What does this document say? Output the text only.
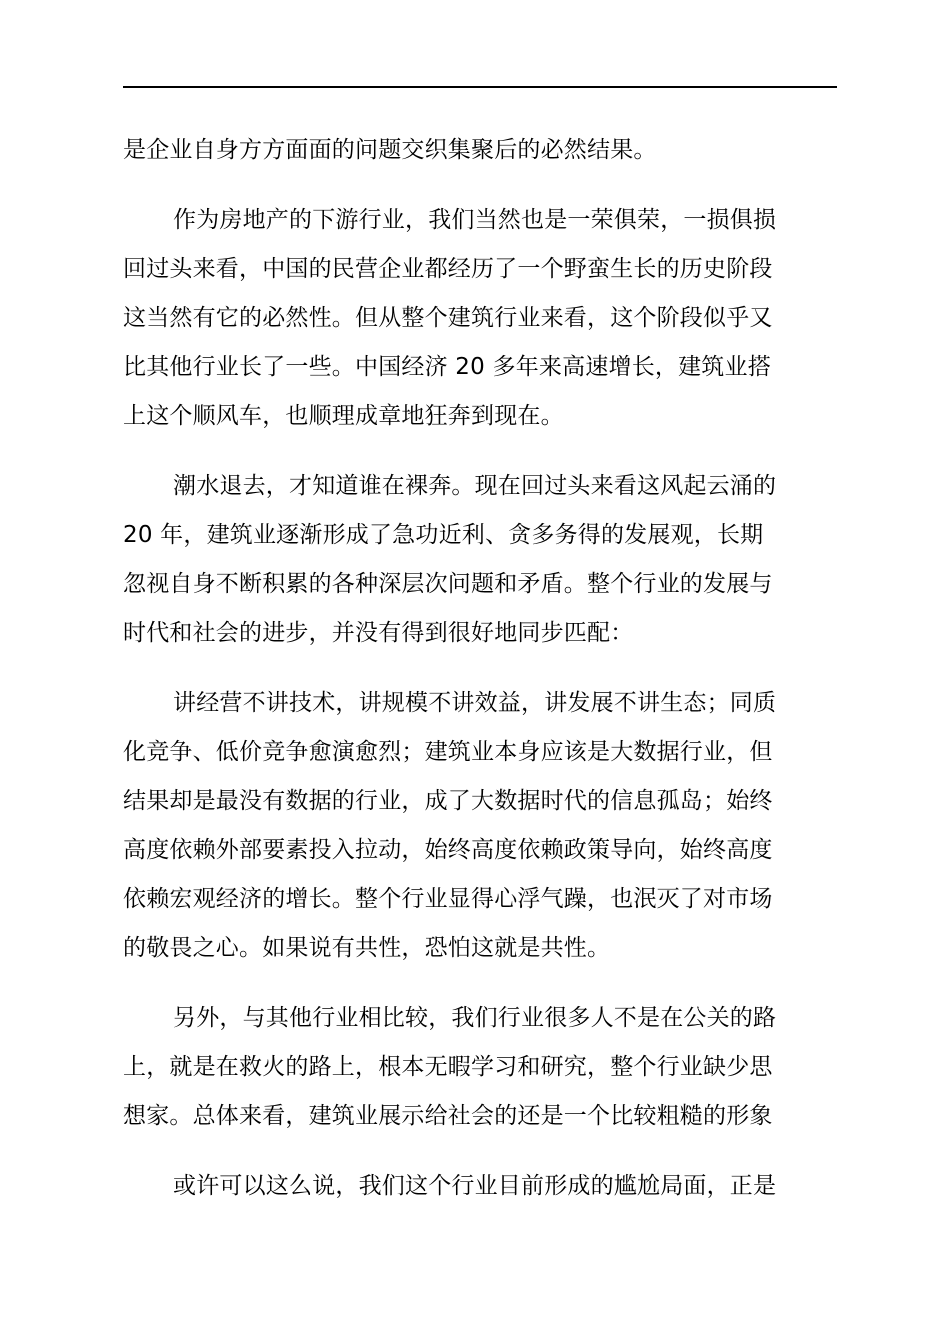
是企业自身方方面面的问题交织集聚后的必然结果。
作为房地产的下游行业，我们当然也是一荣俱荣，一损俱损
回过头来看，中国的民营企业都经历了一个野蛮生长的历史阶段
这当然有它的必然性。但从整个建筑行业来看，这个阶段似乎又
比其他行业长了一些。中国经济 20 多年来高速增长，建筑业搭
上这个顺风车，也顺理成章地狂奔到现在。
潮水退去，才知道谁在裸奔。现在回过头来看这风起云涌的
20 年，建筑业逐渐形成了急功近利、贪多务得的发展观，长期
忽视自身不断积累的各种深层次问题和矛盾。整个行业的发展与
时代和社会的进步，并没有得到很好地同步匹配：
讲经营不讲技术，讲规模不讲效益，讲发展不讲生态；同质
化竞争、低价竞争愈演愈烈；建筑业本身应该是大数据行业，但
结果却是最没有数据的行业，成了大数据时代的信息孤岛；始终
高度依赖外部要素投入拉动，始终高度依赖政策导向，始终高度
依赖宏观经济的增长。整个行业显得心浮气躁，也泯灭了对市场
的敬畏之心。如果说有共性，恐怕这就是共性。
另外，与其他行业相比较，我们行业很多人不是在公关的路
上，就是在救火的路上，根本无暇学习和研究，整个行业缺少思
想家。总体来看，建筑业展示给社会的还是一个比较粗糙的形象
或许可以这么说，我们这个行业目前形成的尴尬局面，正是
